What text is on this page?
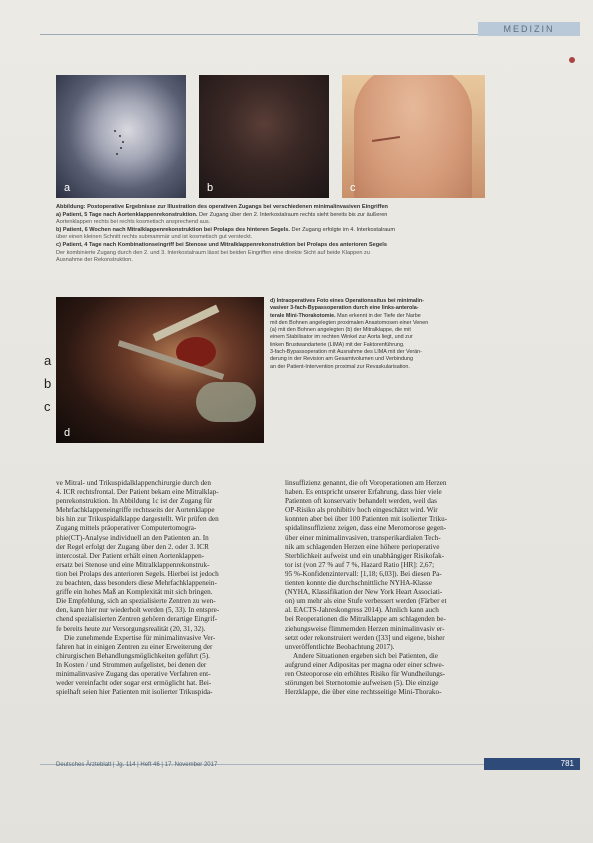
MEDIZIN
a	b	c
Abbildung: Postoperative Ergebnisse zur Illustration des operativen Zugangs bei verschiedenen minimalinvasiven Eingriffen
a) Patient, 5 Tage nach Aortenklappenrekonstruktion. Der Zugang über den 2. Interkostalraum rechts sieht bereits bis zur äußeren
Aortenklappen rechts bei rechts kosmetisch ansprechend aus.
b) Patient, 6 Wochen nach Mitralklappenrekonstruktion bei Prolaps des hinteren Segels. Der Zugang erfolgte im 4. Interkostalraum
über einen kleinen Schnitt rechts submammär und ist kosmetisch gut versteckt.
c) Patient, 4 Tage nach Kombinationseingriff bei Stenose und Mitralklappenrekonstruktion bei Prolaps des anterioren Segels
Der kombinierte Zugang durch den 2. und 3. Interkostalraum lässt bei beiden Eingriffen eine direkte Sicht auf beide Klappen zu
Ausnahme der Rekonstruktion.
d
a
b
c
d) Intraoperatives Foto eines Operationssitus bei minimalin-
vasiver 3-fach-Bypassoperation durch eine links-anterola-
terale Mini-Thorakotomie. Man erkennt in der Tiefe der Narbe
mit den Bohnen angelegten proximalen Anastomosen einer Venen
(a) mit den Bohnen angelegten (b) der Mitralklappe, die mit
einem Stabilisator im rechten Winkel zur Aorta liegt, und zur
linken Brustwandarterie (LIMA) mit der Faktorenführung.
3-fach-Bypassoperation mit Ausnahme des LIMA mit der Verän-
derung in der Revision am Gesamtvolumen und Verbindung
an der Patient-Intervention proximal zur Revaskularisation.

ve Mitral- und Trikuspidalklappenchirurgie durch den

4. ICR rechtsfrontal. Der Patient bekam eine Mitralklap-

penrekonstruktion. In Abbildung 1c ist der Zugang für

Mehrfachklappeneingriffe rechtsseits der Aortenklappe

bis hin zur Trikuspidalklappe dargestellt. Wir prüfen den

Zugang mittels präoperativer Computertomogra-

phie(CT)-Analyse individuell an den Patienten an. In

der Regel erfolgt der Zugang über den 2. oder 3. ICR

intercostal. Der Patient erhält einen Aortenklappen-

ersatz bei Stenose und eine Mitralklappenrekonstruk-

tion bei Prolaps des anterioren Segels. Hierbei ist jedoch

zu beachten, dass besonders diese Mehrfachklappenein-

griffe ein hohes Maß an Komplexität mit sich bringen.

Die Empfehlung, sich an spezialisierte Zentren zu wen-

den, kann hier nur wiederholt werden (5, 33). In entspre-

chend spezialisierten Zentren gehören derartige Eingrif-

fe bereits heute zur Versorgungsrealität (20, 31, 32).

Die zunehmende Expertise für minimalinvasive Ver-

fahren hat in einigen Zentren zu einer Erweiterung der

chirurgischen Behandlungsmöglichkeiten geführt (5).

In Kosten / und Strommen aufgelistet, bei denen der

minimalinvasive Zugang das operative Verfahren ent-

weder vereinfacht oder sogar erst ermöglicht hat. Bei-

spielhaft seien hier Patienten mit isolierter Trikuspida-

linsuffizienz genannt, die oft Voroperationen am Herzen

haben. Es entspricht unserer Erfahrung, dass hier viele

Patienten oft konservativ behandelt werden, weil das

OP-Risiko als prohibitiv hoch eingeschätzt wird. Wir

konnten aber bei über 100 Patienten mit isolierter Triku-

spidalinsuffizienz zeigen, dass eine Meromorose gegen-

über einer minimalinvasiven, transperikardialen Tech-

nik am schlagenden Herzen eine höhere perioperative

Sterblichkeit aufweist und ein unabhängiger Risikofak-

tor ist (von 27 % auf 7 %, Hazard Ratio [HR]: 2,67;

95 %-Konfidenzintervall: [1,18; 6,03]). Bei diesen Pa-

tienten konnte die durchschnittliche NYHA-Klasse

(NYHA, Klassifikation der New York Heart Associati-

on) um mehr als eine Stufe verbessert werden (Färber et

al. EACTS-Jahreskongress 2014). Ähnlich kann auch

bei Reoperationen die Mitralklappe am schlagenden be-

ziehungsweise flimmernden Herzen minimalinvasiv er-

setzt oder rekonstruiert werden ([33] und eigene, bisher

unveröffentlichte Beobachtung 2017).

Andere Situationen ergeben sich bei Patienten, die

aufgrund einer Adipositas per magna oder einer schwe-

ren Osteoporose ein erhöhtes Risiko für Wundheilungs-

störungen bei Sternotomie aufweisen (5). Die einzige

Herzklappe, die über eine rechtsseitige Mini-Thorako-

Deutsches Ärzteblatt | Jg. 114 | Heft 46 | 17. November 2017	781
